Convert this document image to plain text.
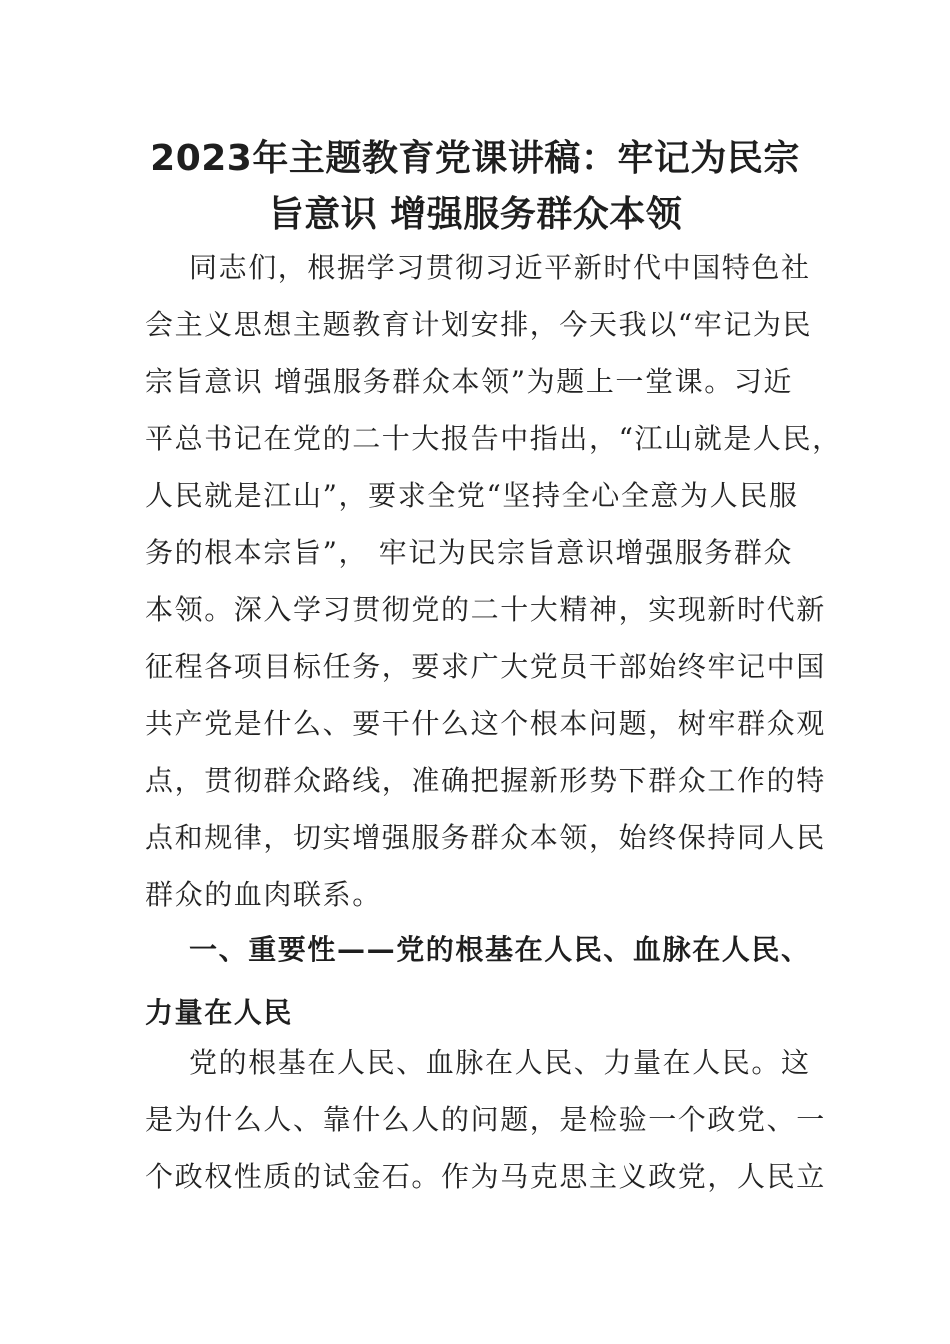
2023年主题教育党课讲稿：牢记为民宗
旨意识 增强服务群众本领

同志们，根据学习贯彻习近平新时代中国特色社

会主义思想主题教育计划安排，今天我以“牢记为民

宗旨意识 增强服务群众本领”为题上一堂课。习近

平总书记在党的二十大报告中指出，“江山就是人民，

人民就是江山”，要求全党“坚持全心全意为人民服

务的根本宗旨”， 牢记为民宗旨意识增强服务群众

本领。深入学习贯彻党的二十大精神，实现新时代新

征程各项目标任务，要求广大党员干部始终牢记中国

共产党是什么、要干什么这个根本问题，树牢群众观

点，贯彻群众路线，准确把握新形势下群众工作的特

点和规律，切实增强服务群众本领，始终保持同人民

群众的血肉联系。

一、重要性——党的根基在人民、血脉在人民、
力量在人民

党的根基在人民、血脉在人民、力量在人民。这

是为什么人、靠什么人的问题，是检验一个政党、一

个政权性质的试金石。作为马克思主义政党，人民立
